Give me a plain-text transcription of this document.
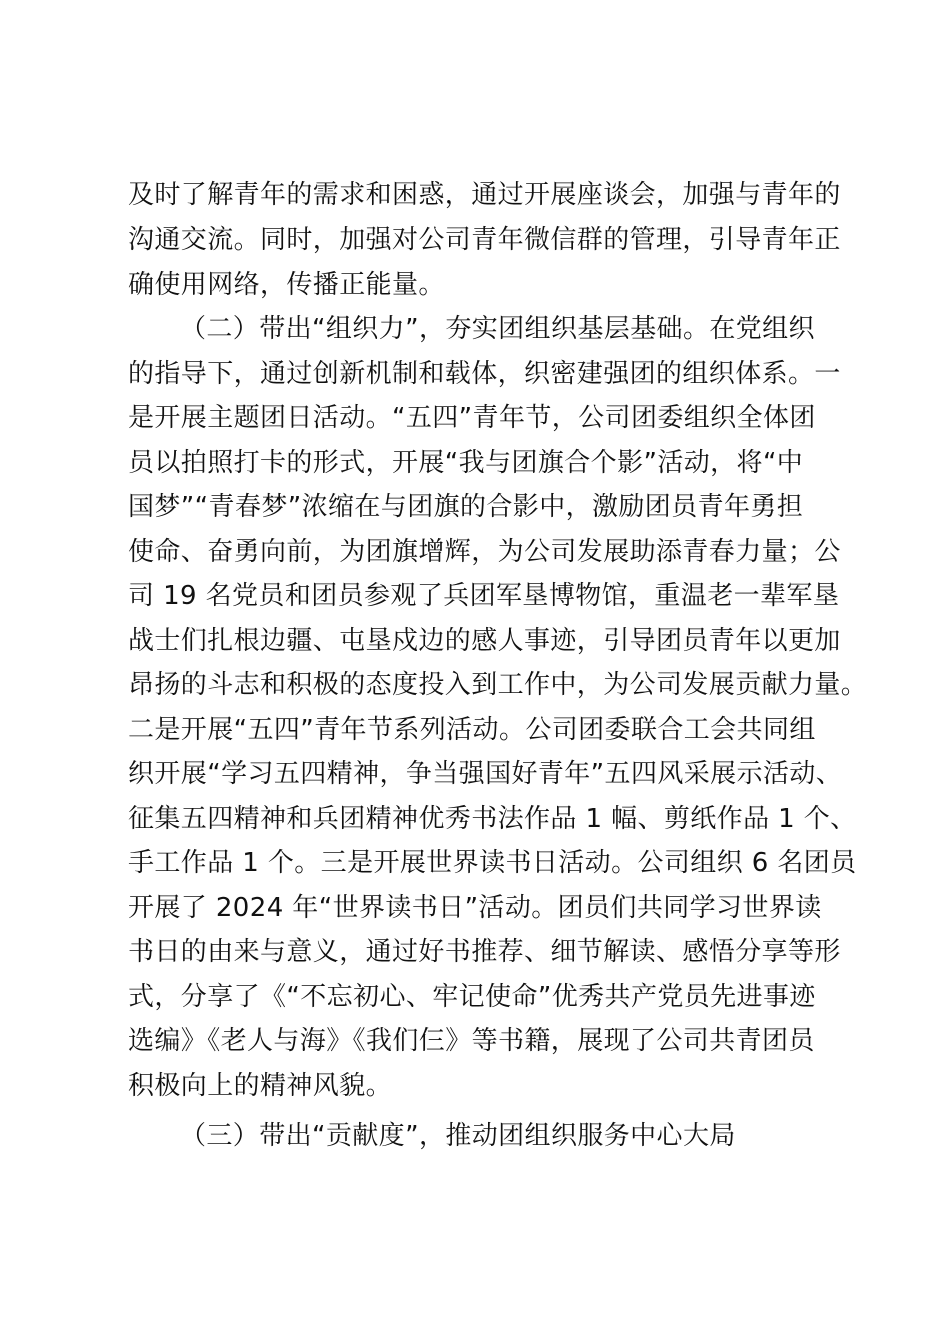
及时了解青年的需求和困惑，通过开展座谈会，加强与青年的
沟通交流。同时，加强对公司青年微信群的管理，引导青年正
确使用网络，传播正能量。
（二）带出“组织力”，夯实团组织基层基础。在党组织
的指导下，通过创新机制和载体，织密建强团的组织体系。一
是开展主题团日活动。“五四”青年节，公司团委组织全体团
员以拍照打卡的形式，开展“我与团旗合个影”活动，将“中
国梦”“青春梦”浓缩在与团旗的合影中，激励团员青年勇担
使命、奋勇向前，为团旗增辉，为公司发展助添青春力量；公
司 19 名党员和团员参观了兵团军垦博物馆，重温老一辈军垦
战士们扎根边疆、屯垦戍边的感人事迹，引导团员青年以更加
昂扬的斗志和积极的态度投入到工作中，为公司发展贡献力量。
二是开展“五四”青年节系列活动。公司团委联合工会共同组
织开展“学习五四精神，争当强国好青年”五四风采展示活动、
征集五四精神和兵团精神优秀书法作品 1 幅、剪纸作品 1 个、
手工作品 1 个。三是开展世界读书日活动。公司组织 6 名团员
开展了 2024 年“世界读书日”活动。团员们共同学习世界读
书日的由来与意义，通过好书推荐、细节解读、感悟分享等形
式，分享了《“不忘初心、牢记使命”优秀共产党员先进事迹
选编》《老人与海》《我们仨》等书籍，展现了公司共青团员
积极向上的精神风貌。
（三）带出“贡献度”，推动团组织服务中心大局
